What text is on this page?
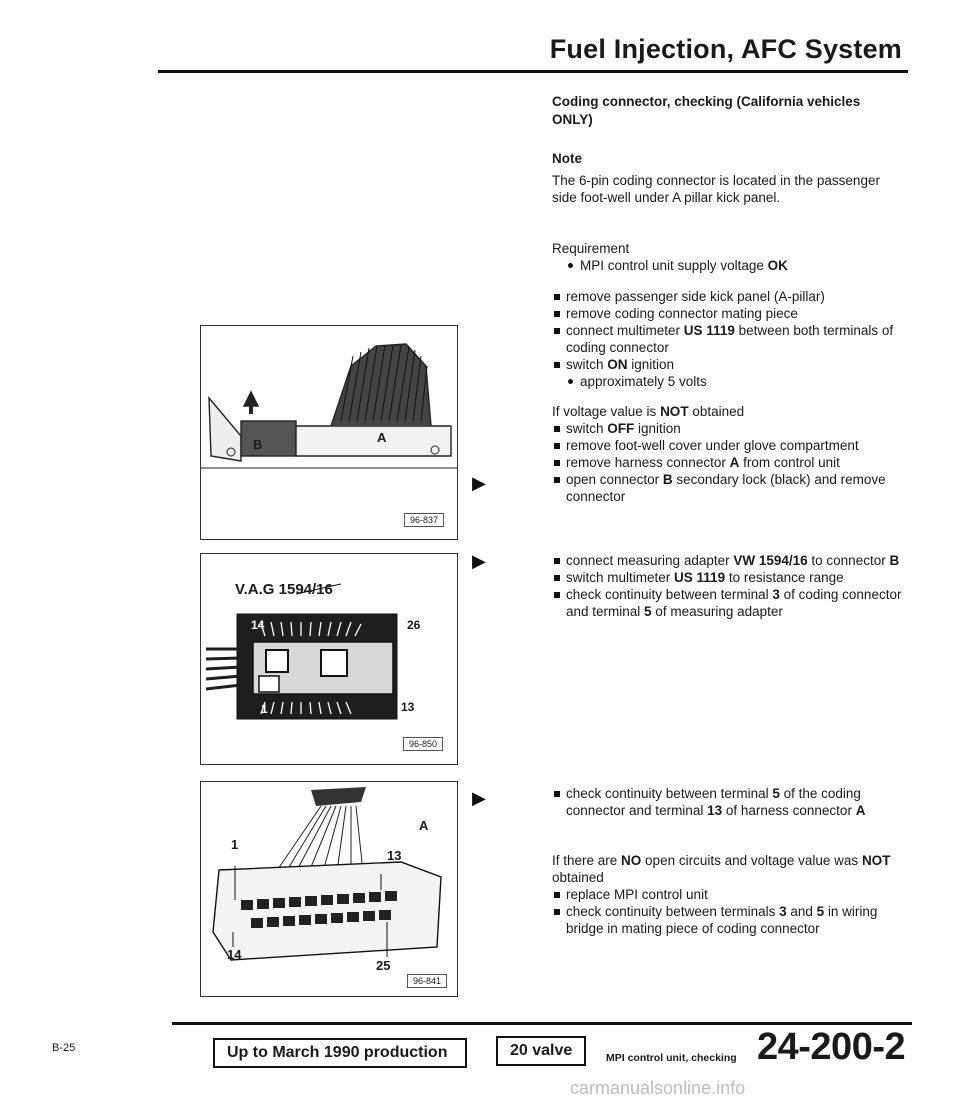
Fuel Injection, AFC System
Coding connector, checking (California vehicles ONLY)
Note
The 6-pin coding connector is located in the passenger side foot-well under A pillar kick panel.
Requirement
MPI control unit supply voltage OK
remove passenger side kick panel (A-pillar)
remove coding connector mating piece
connect multimeter US 1119 between both terminals of coding connector
switch ON ignition
approximately 5 volts
If voltage value is NOT obtained
switch OFF ignition
remove foot-well cover under glove compartment
remove harness connector A from control unit
open connector B secondary lock (black) and remove connector
▶
connect measuring adapter VW 1594/16 to connector B
switch multimeter US 1119 to resistance range
check continuity between terminal 3 of coding connector and terminal 5 of measuring adapter
▶
check continuity between terminal 5 of the coding connector and terminal 13 of harness connector A
▶
If there are NO open circuits and voltage value was NOT obtained
replace MPI control unit
check continuity between terminals 3 and 5 in wiring bridge in mating piece of coding connector
B	A
96-837
V.A.G 1594/16
14	26
1	13
96-850
A
1
13
14
25
96-841
B-25	Up to March 1990 production	20 valve	MPI control unit, checking 24-200-2
carmanualsonline.info
